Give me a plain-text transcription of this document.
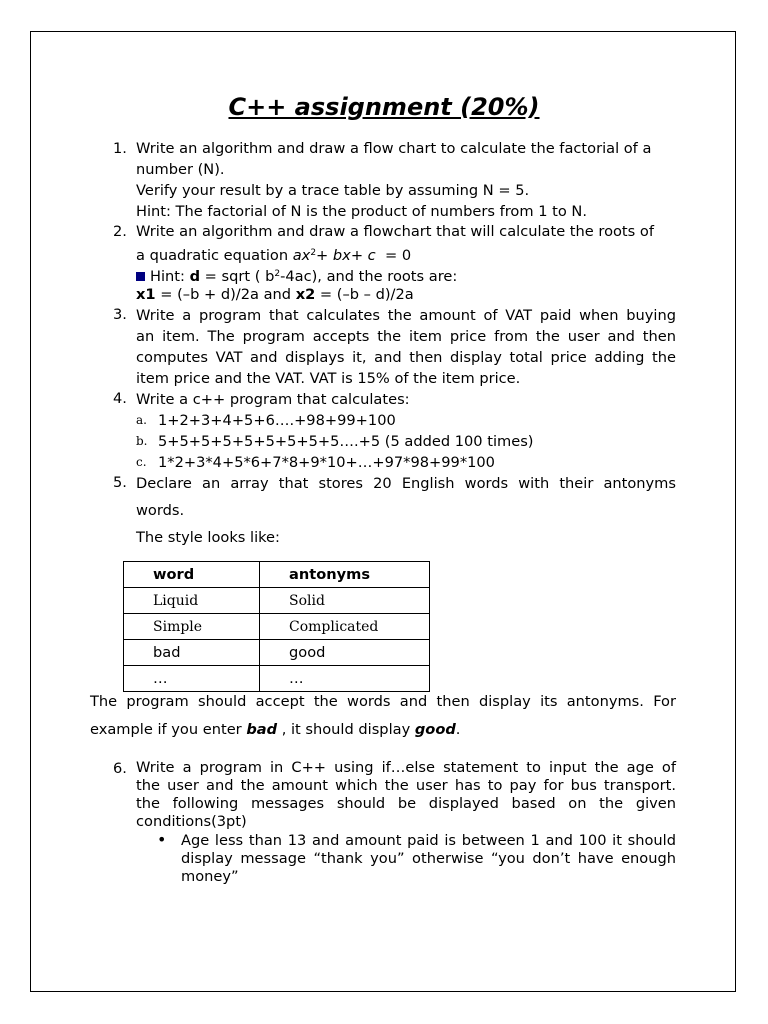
C++ assignment (20%)
1. Write an algorithm and draw a flow chart to calculate the factorial of a
number (N).
Verify your result by a trace table by assuming N = 5.
Hint: The factorial of N is the product of numbers from 1 to N.
2. Write an algorithm and draw a flowchart that will calculate the roots of
a quadratic equation $ax^2+ bx+ c = 0$
Hint: d = sqrt ( $b^2-4ac$), and the roots are:
x1 = (–b + d)/2a and x2 = (–b – d)/2a
3. Write a program that calculates the amount of VAT paid when buying
an item. The program accepts the item price from the user and then
computes VAT and displays it, and then display total price adding the
item price and the VAT. VAT is 15% of the item price.
4. Write a c++ program that calculates:
a. 1+2+3+4+5+6….+98+99+100
b. 5+5+5+5+5+5+5+5+5….+5 (5 added 100 times)
c. 1*2+3*4+5*6+7*8+9*10+…+97*98+99*100
5. Declare an array that stores 20 English words with their antonyms
words.
The style looks like:
word	antonyms
Liquid	Solid
Simple	Complicated
bad	good
…	…
The program should accept the words and then display its antonyms. For
example if you enter bad , it should display good.
6. Write a program in C++ using if…else statement to input the age of
the user and the amount which the user has to pay for bus transport.
the following messages should be displayed based on the given
conditions(3pt)
• Age less than 13 and amount paid is between 1 and 100 it should
display message “thank you” otherwise “you don’t have enough
money”
